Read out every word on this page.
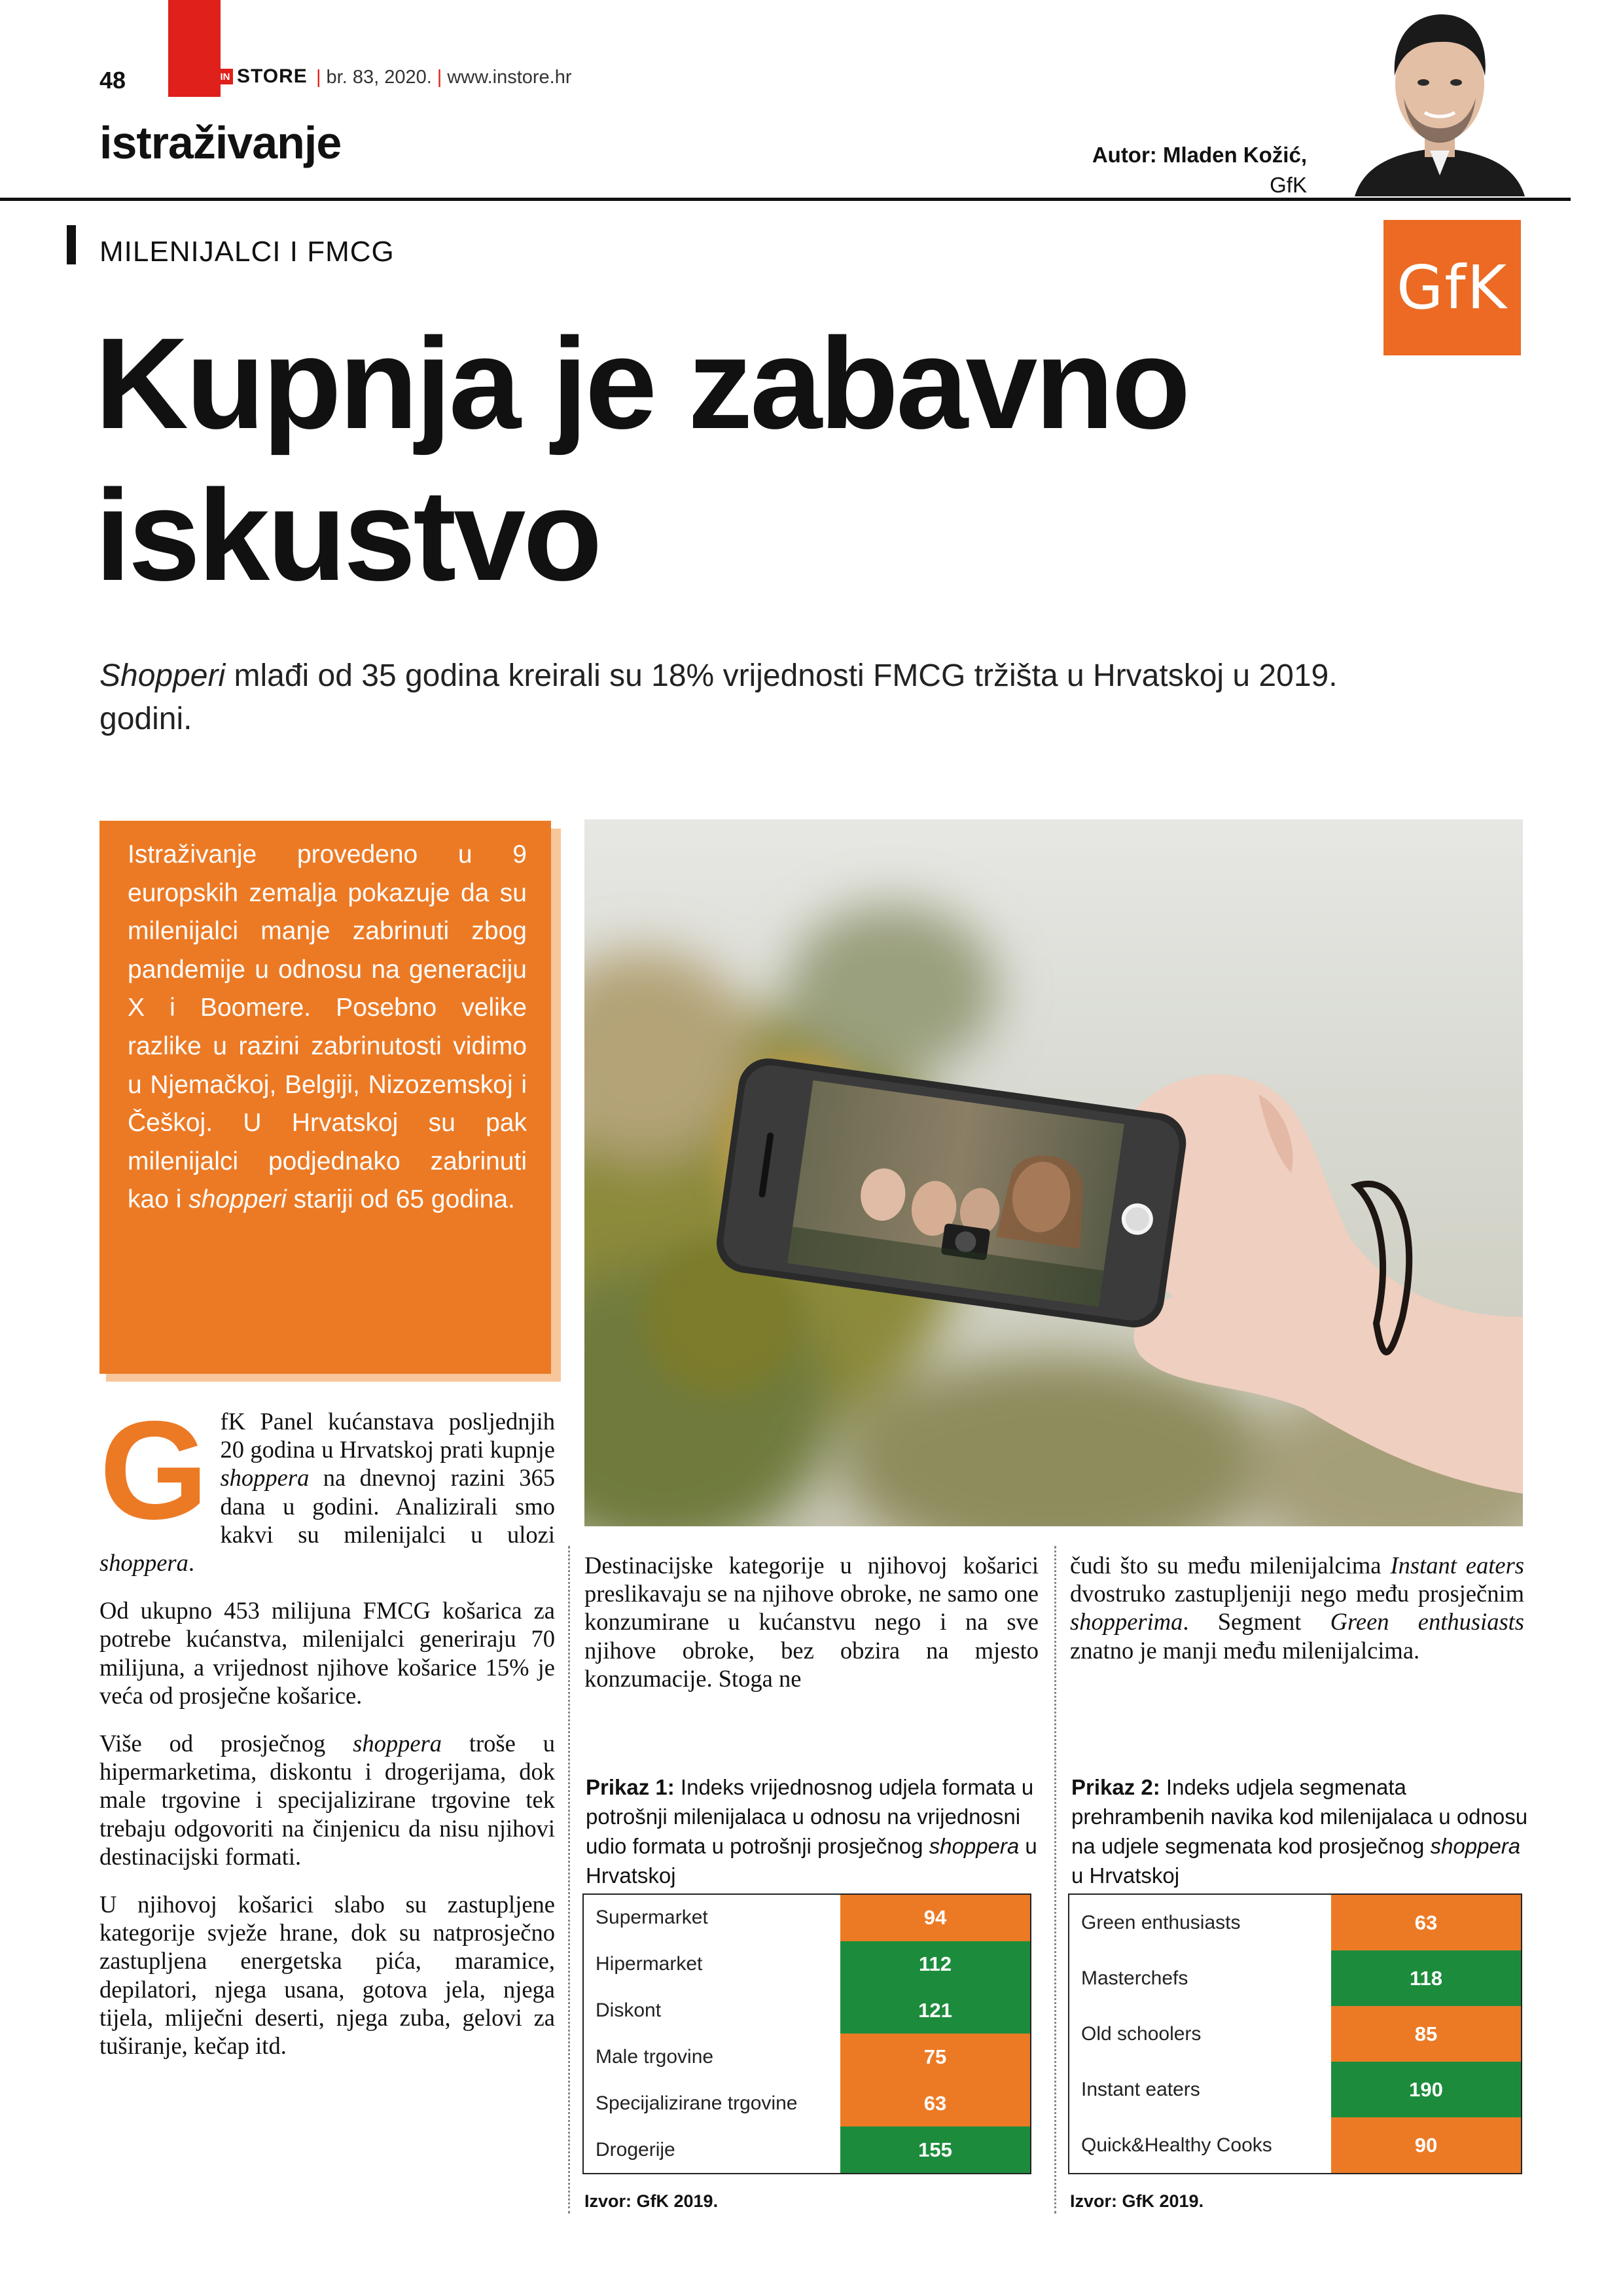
48	IN STORE | br. 83, 2020. | www.instore.hr
istraživanje	Autor: Mladen Kožić,
GfK
GfK
MILENIJALCI I FMCG
Kupnja je zabavno
iskustvo
Shopperi mlađi od 35 godina kreirali su 18% vrijednosti FMCG tržišta u Hrvatskoj u 2019. godini.
Istraživanje provedeno u 9 europskih zemalja pokazuje da su milenijalci manje zabrinuti zbog pandemije u odnosu na generaciju X i Boomere. Posebno velike razlike u razini zabrinutosti vidimo u Njemačkoj, Belgiji, Nizozemskoj i Češkoj. U Hrvatskoj su pak milenijalci podjednako zabrinuti kao i shopperi stariji od 65 godina.

GfK Panel kućanstava posljednjih 20 godina u Hrvatskoj prati kupnje shoppera na dnevnoj razini 365 dana u godini. Analizirali smo kakvi su milenijalci u ulozi shoppera.

Od ukupno 453 milijuna FMCG košarica za potrebe kućanstva, milenijalci generiraju 70 milijuna, a vrijednost njihove košarice 15% je veća od prosječne košarice.

Više od prosječnog shoppera troše u hipermarketima, diskontu i drogerijama, dok male trgovine i specijalizirane trgovine tek trebaju odgovoriti na činjenicu da nisu njihovi destinacijski formati.

U njihovoj košarici slabo su zastupljene kategorije svježe hrane, dok su natprosječno zastupljena energetska pića, maramice, depilatori, njega usana, gotova jela, njega tijela, mliječni deserti, njega zuba, gelovi za tuširanje, kečap itd.

Destinacijske kategorije u njihovoj košarici preslikavaju se na njihove obroke, ne samo one konzumirane u kućanstvu nego i na sve njihove obroke, bez obzira na mjesto konzumacije. Stoga ne

čudi što su među milenijalcima Instant eaters dvostruko zastupljeniji nego među prosječnim shopperima. Segment Green enthusiasts znatno je manji među milenijalcima.

Prikaz 1: Indeks vrijednosnog udjela formata u potrošnji milenijalaca u odnosu na vrijednosni udio formata u potrošnji prosječnog shoppera u Hrvatskoj
Supermarket	94
Hipermarket	112
Diskont	121
Male trgovine	75
Specijalizirane trgovine	63
Drogerije	155
Izvor: GfK 2019.
Prikaz 2: Indeks udjela segmenata prehrambenih navika kod milenijalaca u odnosu na udjele segmenata kod prosječnog shoppera u Hrvatskoj
Green enthusiasts	63
Masterchefs	118
Old schoolers	85
Instant eaters	190
Quick&Healthy Cooks	90
Izvor: GfK 2019.
